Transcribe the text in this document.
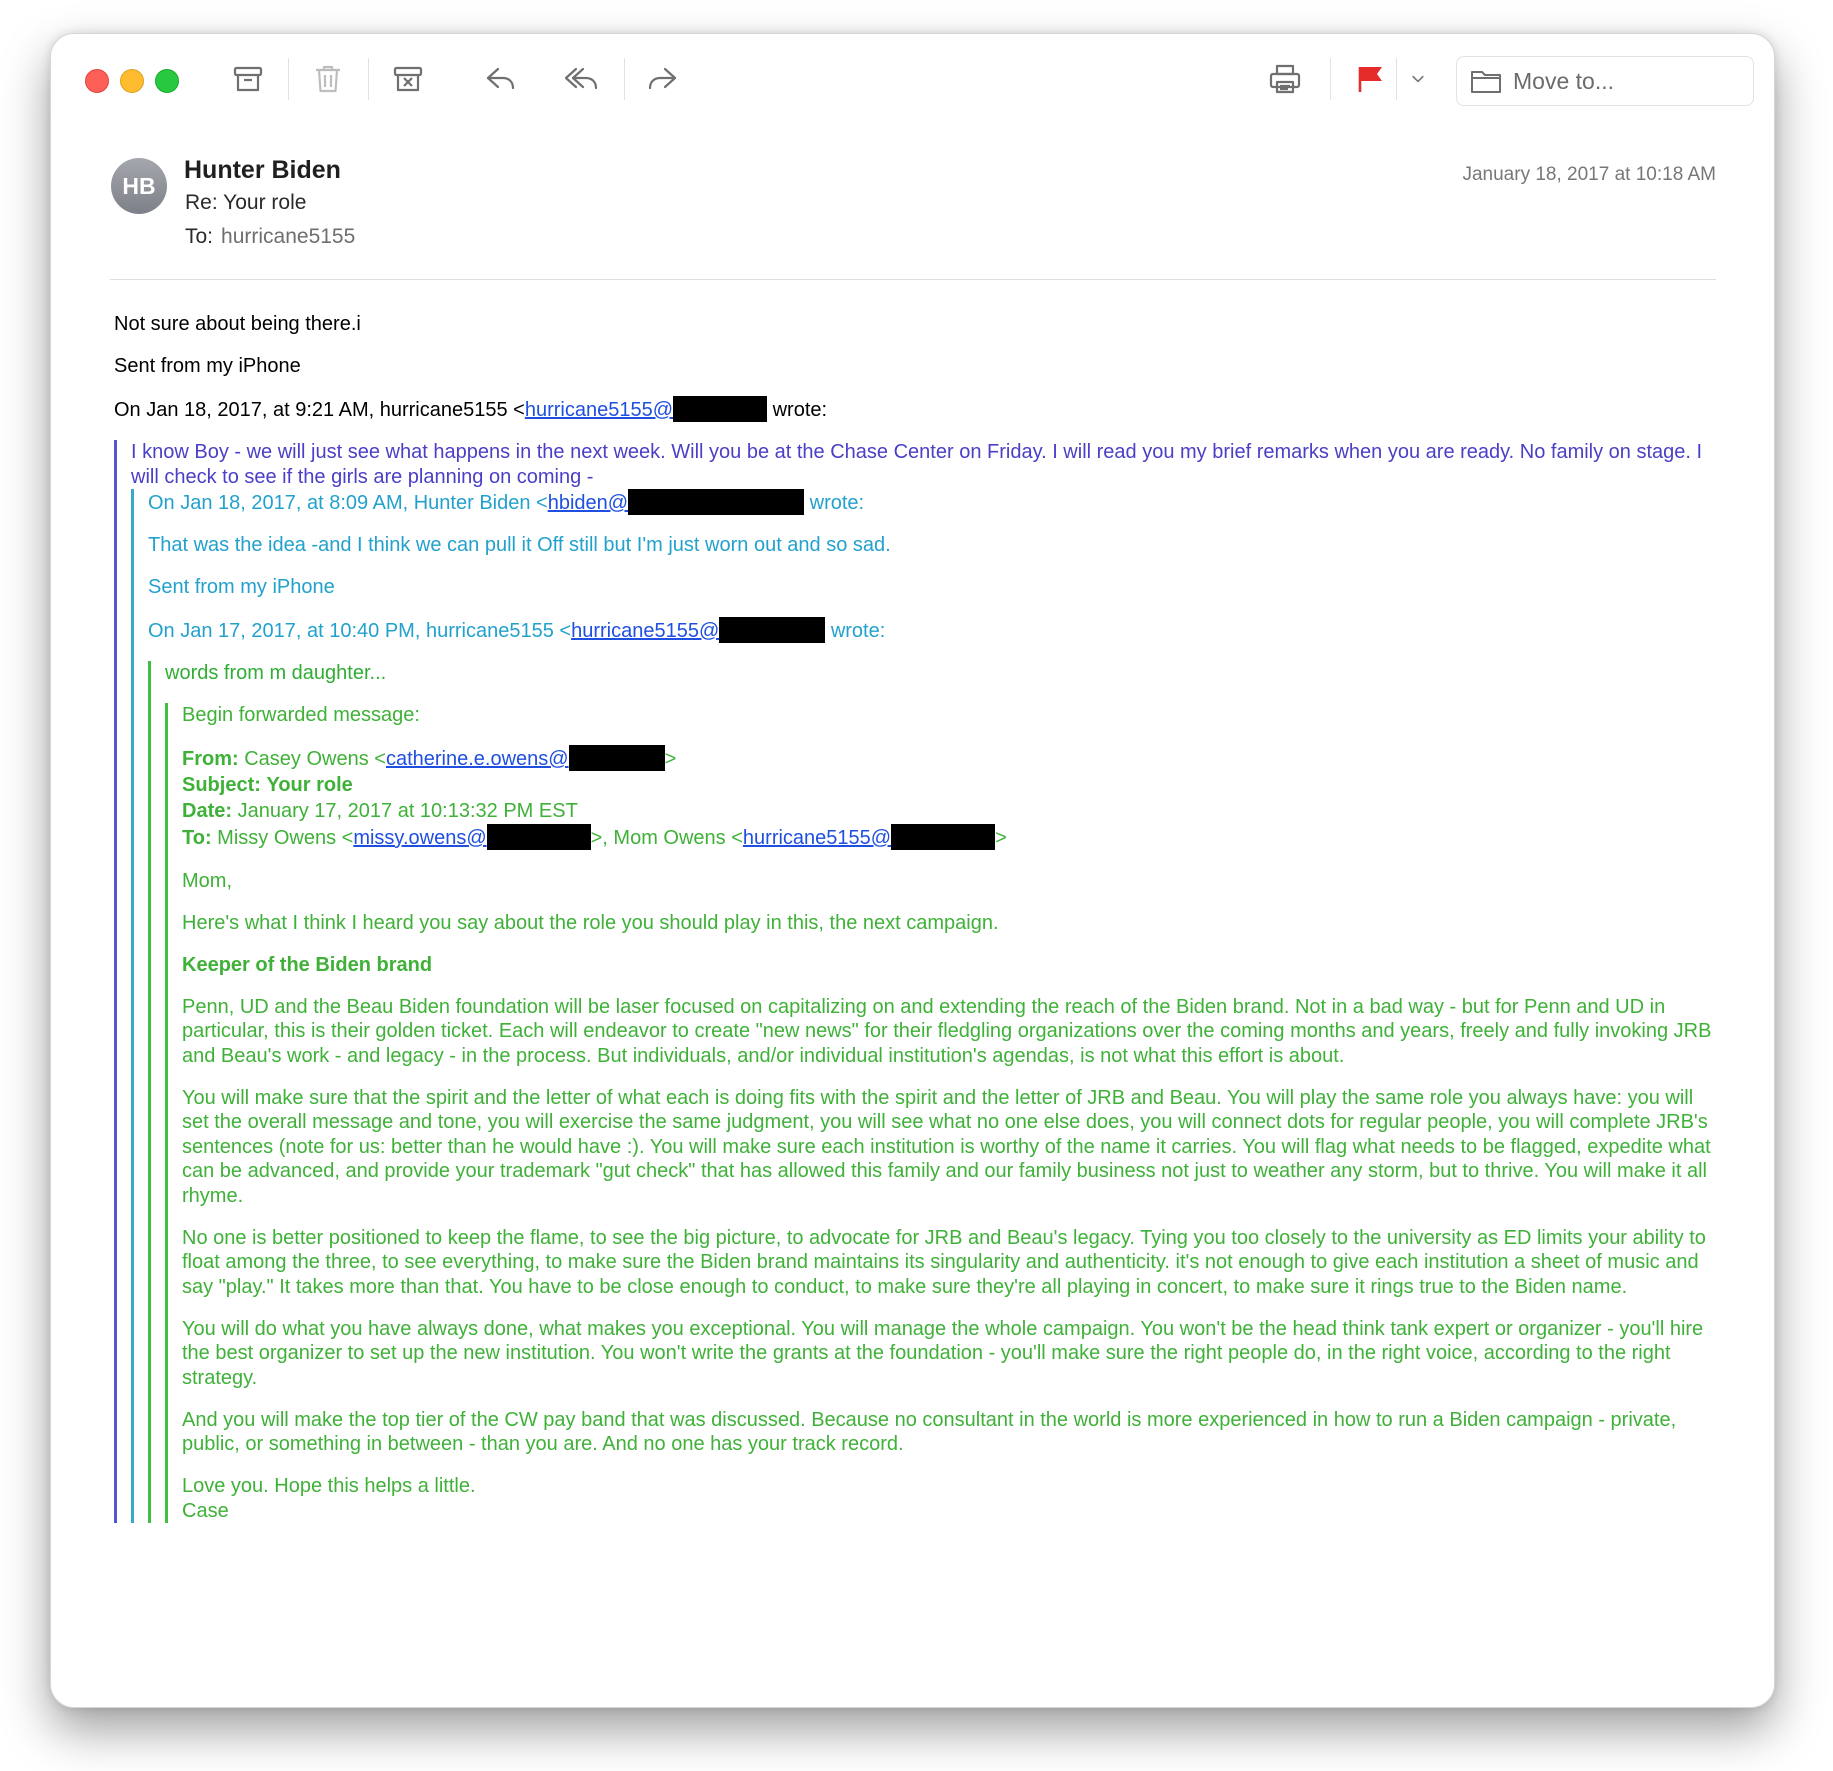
Move to...
HB
Hunter Biden
Re: Your role
To: hurricane5155
January 18, 2017 at 10:18 AM

Not sure about being there.i

Sent from my iPhone

On Jan 18, 2017, at 9:21 AM, hurricane5155 <hurricane5155@	wrote:

I know Boy - we will just see what happens in the next week. Will you be at the Chase Center on Friday. I will read you my brief remarks when you are ready. No family on stage. I will check to see if the girls are planning on coming -

On Jan 18, 2017, at 8:09 AM, Hunter Biden <hbiden@	wrote:

That was the idea -and I think we can pull it Off still but I'm just worn out and so sad.

Sent from my iPhone

On Jan 17, 2017, at 10:40 PM, hurricane5155 <hurricane5155@	wrote:

words from m daughter...

Begin forwarded message:

From: Casey Owens <catherine.e.owens@	>
Subject: Your role
Date: January 17, 2017 at 10:13:32 PM EST
To: Missy Owens <missy.owens@	>, Mom Owens <hurricane5155@	>

Mom,

Here's what I think I heard you say about the role you should play in this, the next campaign.

Keeper of the Biden brand

Penn, UD and the Beau Biden foundation will be laser focused on capitalizing on and extending the reach of the Biden brand. Not in a bad way - but for Penn and UD in particular, this is their golden ticket. Each will endeavor to create "new news" for their fledgling organizations over the coming months and years, freely and fully invoking JRB and Beau's work - and legacy - in the process. But individuals, and/or individual institution's agendas, is not what this effort is about.

You will make sure that the spirit and the letter of what each is doing fits with the spirit and the letter of JRB and Beau. You will play the same role you always have: you will set the overall message and tone, you will exercise the same judgment, you will see what no one else does, you will connect dots for regular people, you will complete JRB's sentences (note for us: better than he would have :). You will make sure each institution is worthy of the name it carries. You will flag what needs to be flagged, expedite what can be advanced, and provide your trademark "gut check" that has allowed this family and our family business not just to weather any storm, but to thrive. You will make it all rhyme.

No one is better positioned to keep the flame, to see the big picture, to advocate for JRB and Beau's legacy. Tying you too closely to the university as ED limits your ability to float among the three, to see everything, to make sure the Biden brand maintains its singularity and authenticity. it's not enough to give each institution a sheet of music and say "play." It takes more than that. You have to be close enough to conduct, to make sure they're all playing in concert, to make sure it rings true to the Biden name.

You will do what you have always done, what makes you exceptional. You will manage the whole campaign. You won't be the head think tank expert or organizer - you'll hire the best organizer to set up the new institution. You won't write the grants at the foundation - you'll make sure the right people do, in the right voice, according to the right strategy.

And you will make the top tier of the CW pay band that was discussed. Because no consultant in the world is more experienced in how to run a Biden campaign - private, public, or something in between - than you are. And no one has your track record.

Love you. Hope this helps a little.
Case
